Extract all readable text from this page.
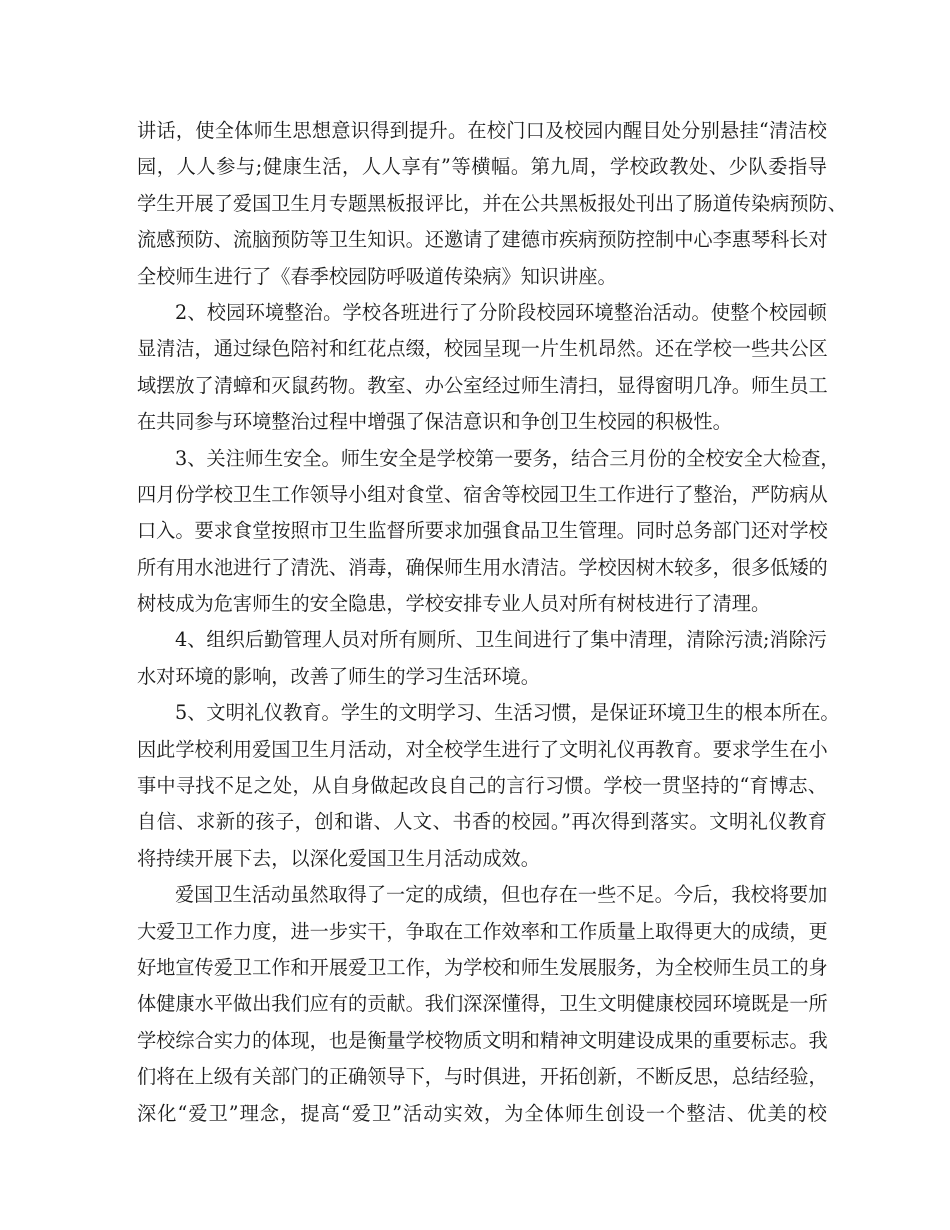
讲话，使全体师生思想意识得到提升。在校门口及校园内醒目处分别悬挂“清洁校
园，人人参与;健康生活，人人享有”等横幅。第九周，学校政教处、少队委指导
学生开展了爱国卫生月专题黑板报评比，并在公共黑板报处刊出了肠道传染病预防、
流感预防、流脑预防等卫生知识。还邀请了建德市疾病预防控制中心李惠琴科长对
全校师生进行了《春季校园防呼吸道传染病》知识讲座。
2、校园环境整治。学校各班进行了分阶段校园环境整治活动。使整个校园顿
显清洁，通过绿色陪衬和红花点缀，校园呈现一片生机昂然。还在学校一些共公区
域摆放了清蟑和灭鼠药物。教室、办公室经过师生清扫，显得窗明几净。师生员工
在共同参与环境整治过程中增强了保洁意识和争创卫生校园的积极性。
3、关注师生安全。师生安全是学校第一要务，结合三月份的全校安全大检查，
四月份学校卫生工作领导小组对食堂、宿舍等校园卫生工作进行了整治，严防病从
口入。要求食堂按照市卫生监督所要求加强食品卫生管理。同时总务部门还对学校
所有用水池进行了清洗、消毒，确保师生用水清洁。学校因树木较多，很多低矮的
树枝成为危害师生的安全隐患，学校安排专业人员对所有树枝进行了清理。
4、组织后勤管理人员对所有厕所、卫生间进行了集中清理，清除污渍;消除污
水对环境的影响，改善了师生的学习生活环境。
5、文明礼仪教育。学生的文明学习、生活习惯，是保证环境卫生的根本所在。
因此学校利用爱国卫生月活动，对全校学生进行了文明礼仪再教育。要求学生在小
事中寻找不足之处，从自身做起改良自己的言行习惯。学校一贯坚持的“育博志、
自信、求新的孩子，创和谐、人文、书香的校园。”再次得到落实。文明礼仪教育
将持续开展下去，以深化爱国卫生月活动成效。
爱国卫生活动虽然取得了一定的成绩，但也存在一些不足。今后，我校将要加
大爱卫工作力度，进一步实干，争取在工作效率和工作质量上取得更大的成绩，更
好地宣传爱卫工作和开展爱卫工作，为学校和师生发展服务，为全校师生员工的身
体健康水平做出我们应有的贡献。我们深深懂得，卫生文明健康校园环境既是一所
学校综合实力的体现，也是衡量学校物质文明和精神文明建设成果的重要标志。我
们将在上级有关部门的正确领导下，与时俱进，开拓创新，不断反思，总结经验，
深化“爱卫”理念，提高“爱卫”活动实效，为全体师生创设一个整洁、优美的校
